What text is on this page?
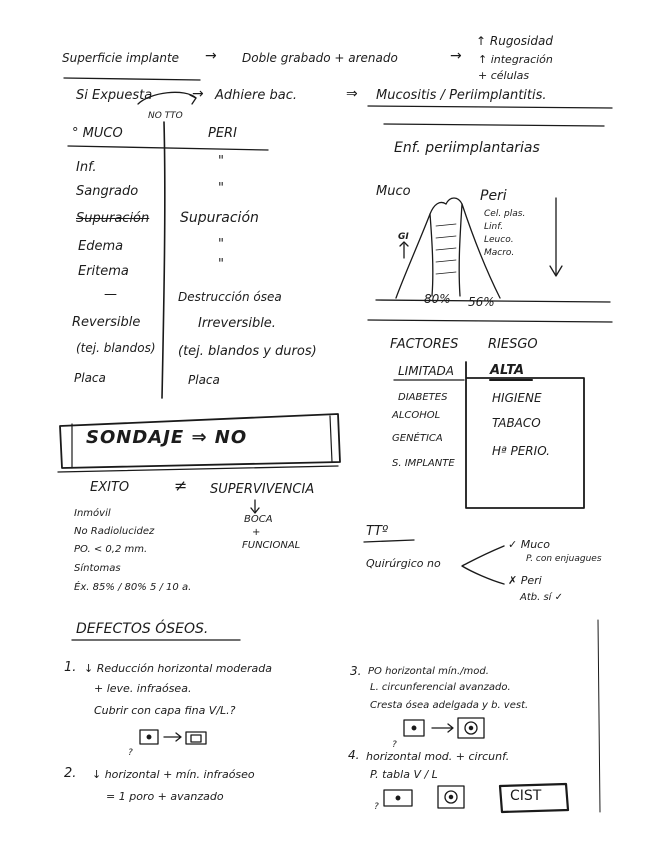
Superficie implante → Doble grabado + arenado	→
↑ Rugosidad
↑ integración
+ células
Si Expuesta	→ Adhiere bac.	⇒ Mucositis / Periimplantitis.
NO TTO
° MUCO	PERI
Inf.	"
Sangrado	"
Supuración Supuración
Edema	"
Eritema	"
—	Destrucción ósea
Reversible	Irreversible.
(tej. blandos) (tej. blandos y duros)
Placa	Placa
Enf. periimplantarias
Muco	Peri
GI
Cel. plas.
Linf.
Leuco.
Macro.
80% 56%
FACTORES RIESGO
LIMITADA	ALTA
DIABETES
ALCOHOL
GENÉTICA
S. IMPLANTE
HIGIENE
TABACO
Hª PERIO.
SONDAJE ⇒ NO
EXITO	≠ SUPERVIVENCIA
BOCA
+
FUNCIONAL
Inmóvil
No Radiolucidez
PO. < 0,2 mm.
Síntomas
Éx. 85% / 80% 5 / 10 a.
TTº
Quirúrgico no
✓ Muco
P. con enjuagues
✗ Peri
Atb. sí ✓
DEFECTOS ÓSEOS.
1. ↓ Reducción horizontal moderada
+ leve. infraósea.
Cubrir con capa fina V/L.?
?
2. ↓ horizontal + mín. infraóseo
= 1 poro + avanzado
3. PO horizontal mín./mod.
L. circunferencial avanzado.
Cresta ósea adelgada y b. vest.
?
4. horizontal mod. + circunf.
P. tabla V / L
?
CIST
